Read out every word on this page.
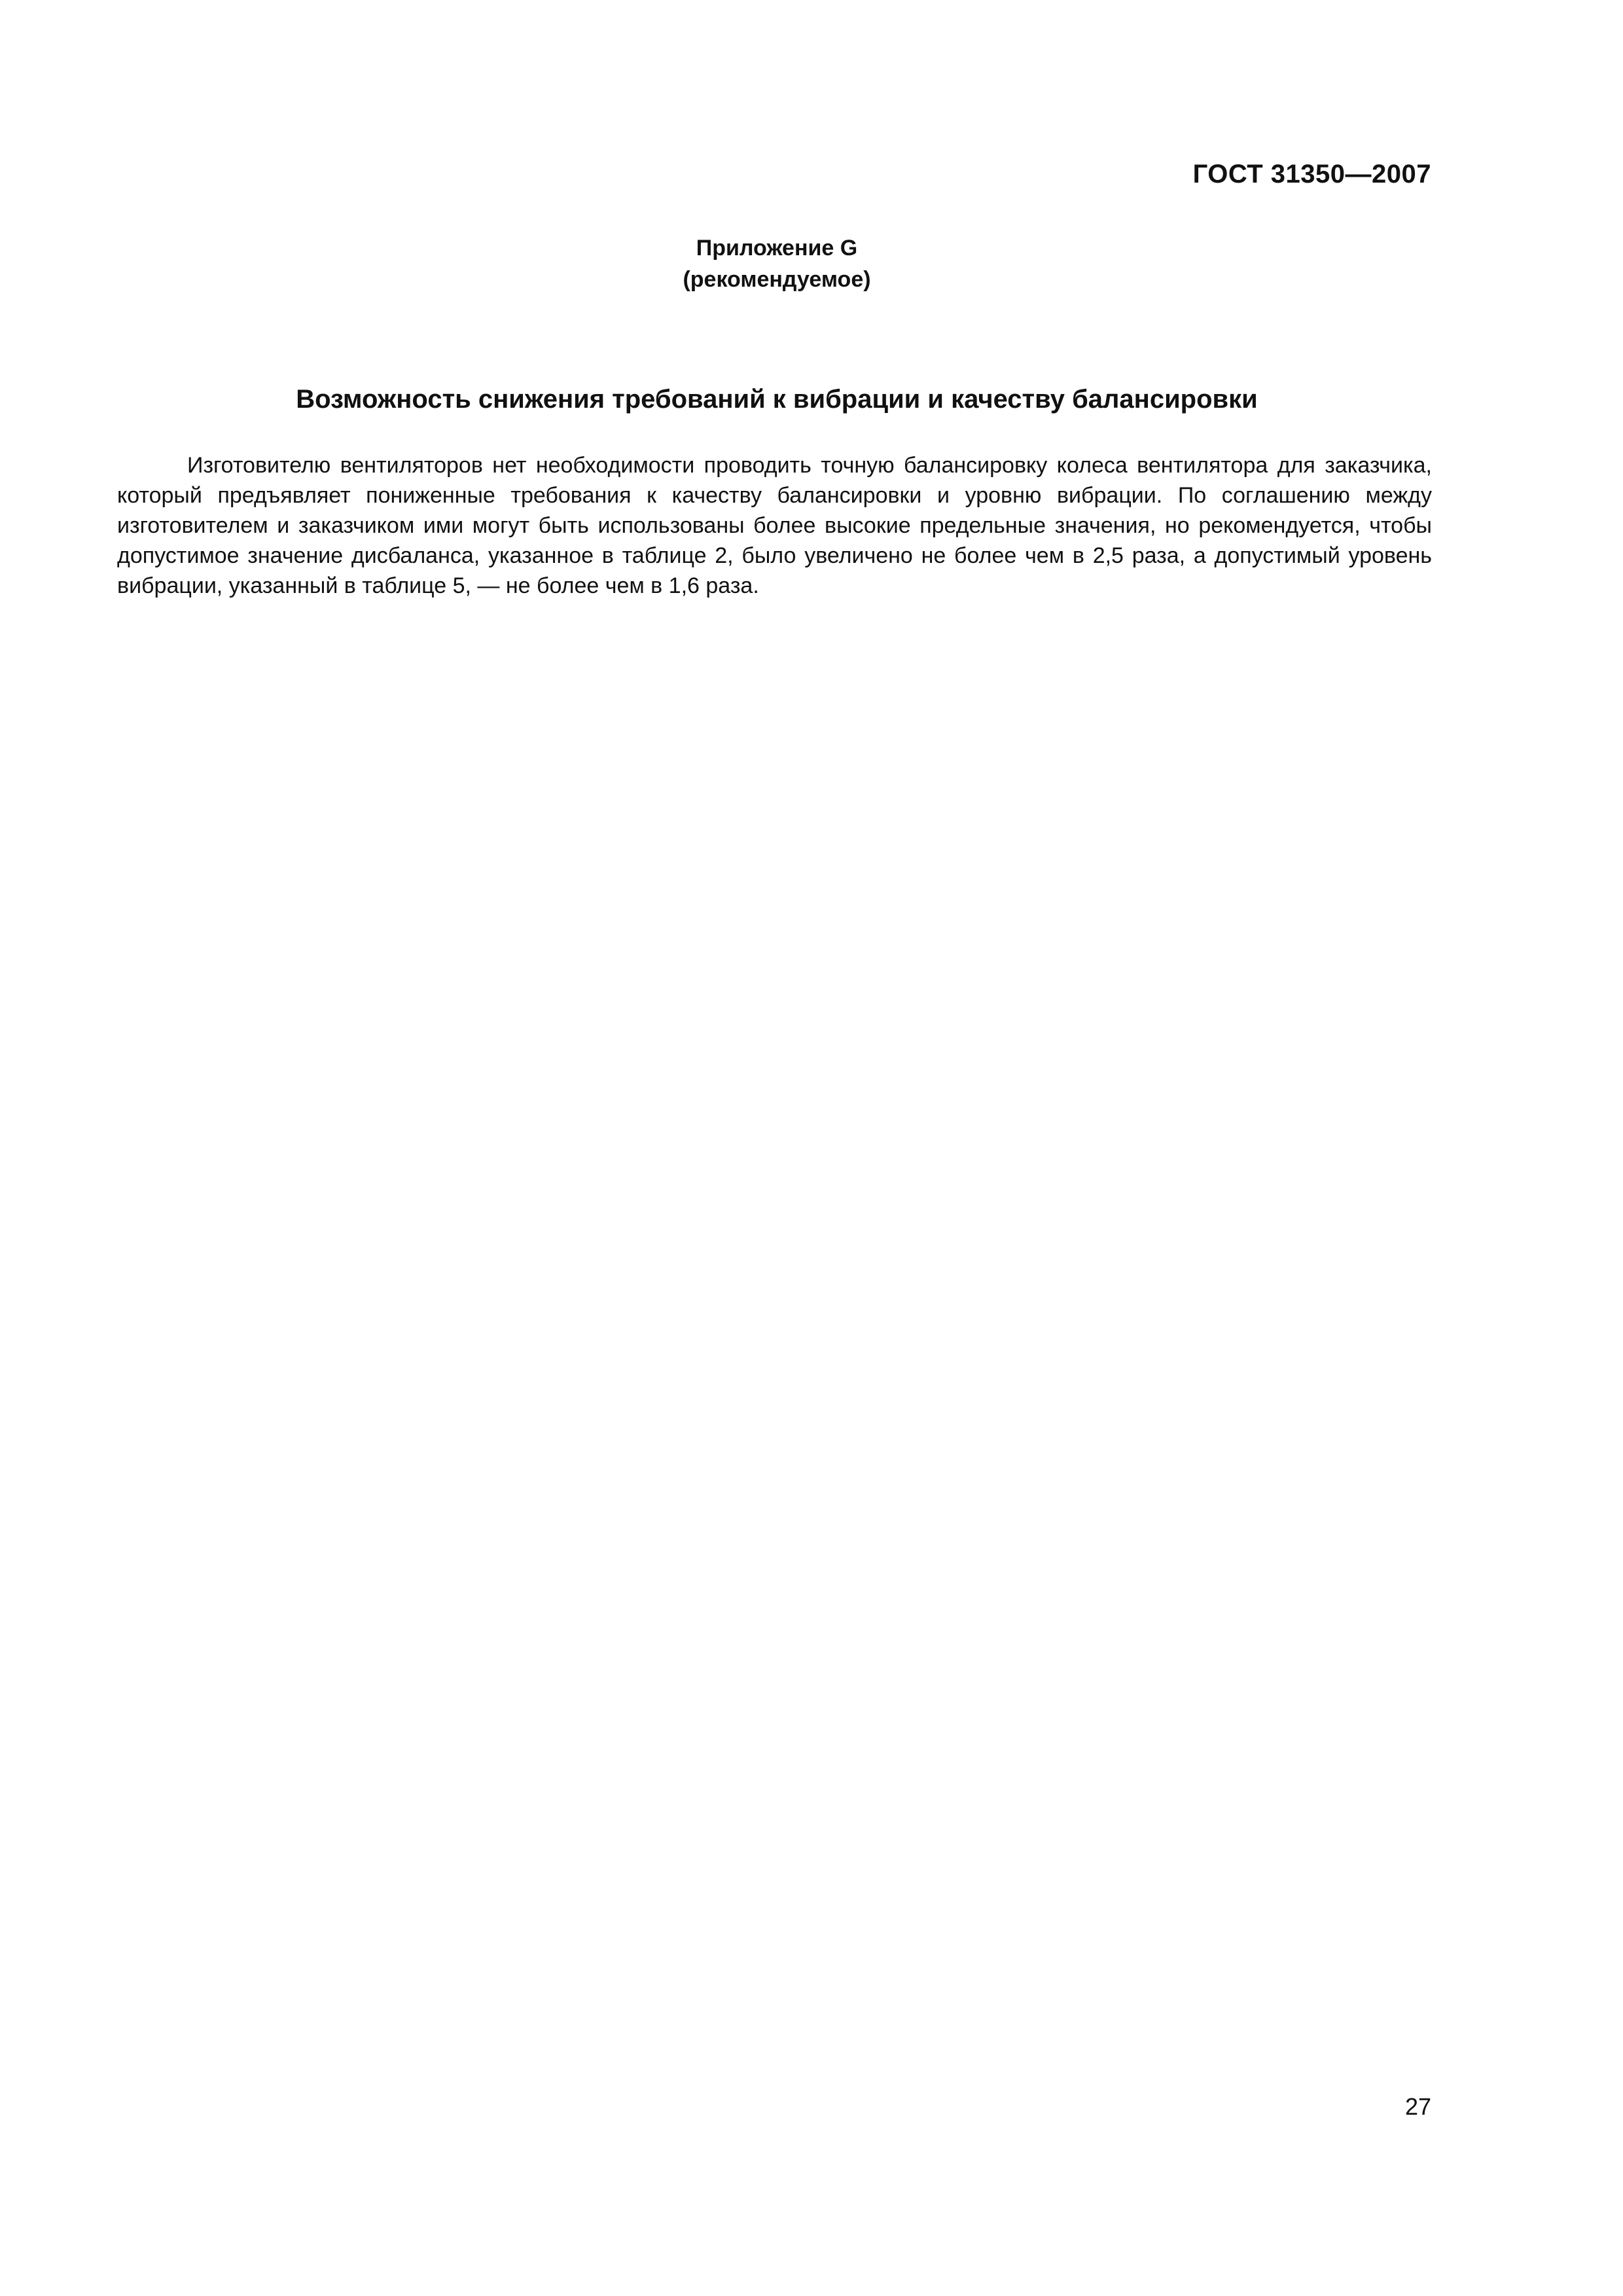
ГОСТ 31350—2007
Приложение G
(рекомендуемое)
Возможность снижения требований к вибрации и качеству балансировки

Изготовителю вентиляторов нет необходимости проводить точную балансировку колеса вентилятора для заказчика, который предъявляет пониженные требования к качеству балансировки и уровню вибрации. По соглашению между изготовителем и заказчиком ими могут быть использованы более высокие предельные значения, но рекомендуется, чтобы допустимое значение дисбаланса, указанное в таблице 2, было увеличено не более чем в 2,5 раза, а допустимый уровень вибрации, указанный в таблице 5, — не более чем в 1,6 раза.

27
